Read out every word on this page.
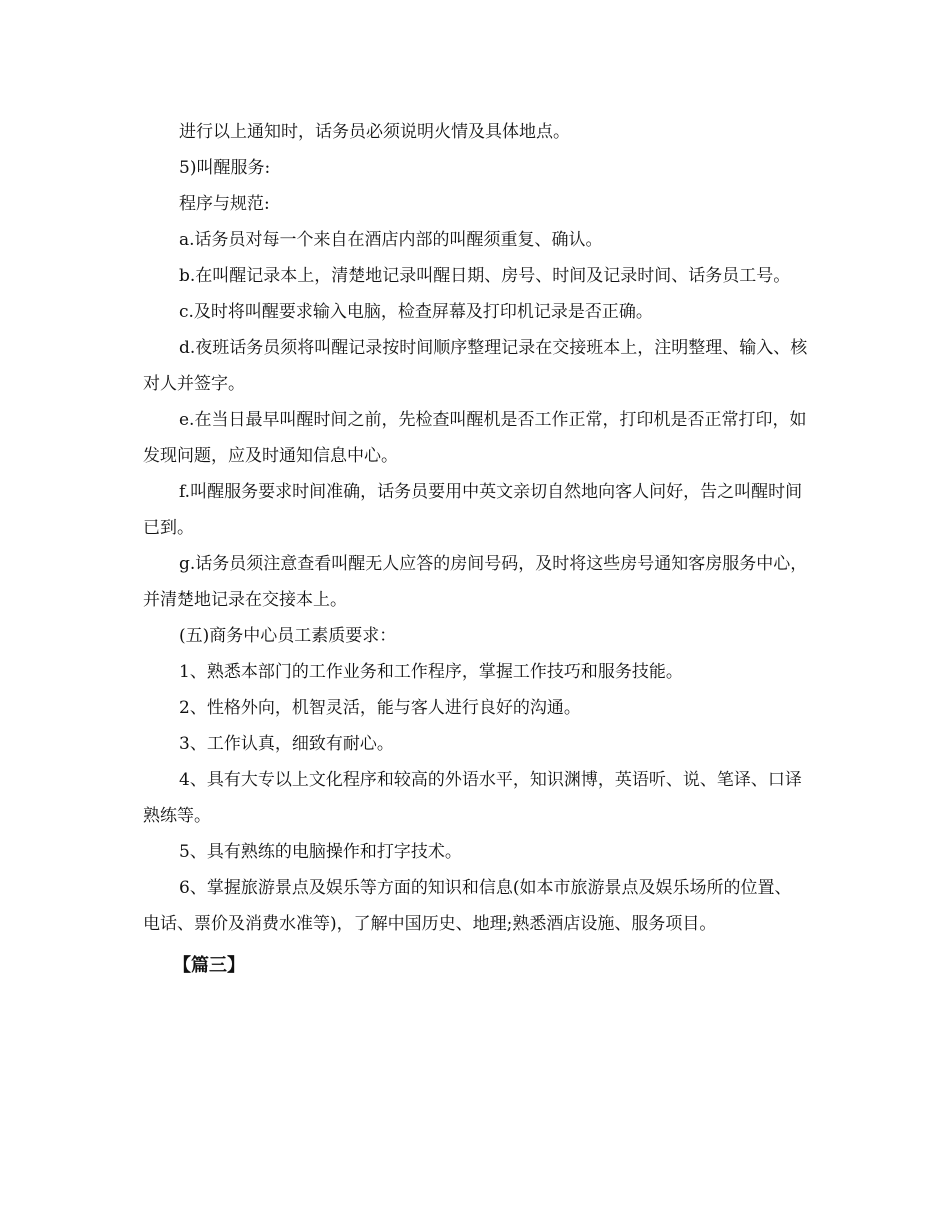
进行以上通知时，话务员必须说明火情及具体地点。

5)叫醒服务:

程序与规范:

a.话务员对每一个来自在酒店内部的叫醒须重复、确认。

b.在叫醒记录本上，清楚地记录叫醒日期、房号、时间及记录时间、话务员工号。

c.及时将叫醒要求输入电脑，检查屏幕及打印机记录是否正确。

d.夜班话务员须将叫醒记录按时间顺序整理记录在交接班本上，注明整理、输入、核对人并签字。

e.在当日最早叫醒时间之前，先检查叫醒机是否工作正常，打印机是否正常打印，如发现问题，应及时通知信息中心。

f.叫醒服务要求时间准确，话务员要用中英文亲切自然地向客人问好，告之叫醒时间已到。

g.话务员须注意查看叫醒无人应答的房间号码，及时将这些房号通知客房服务中心，并清楚地记录在交接本上。

(五)商务中心员工素质要求：

1、熟悉本部门的工作业务和工作程序，掌握工作技巧和服务技能。

2、性格外向，机智灵活，能与客人进行良好的沟通。

3、工作认真，细致有耐心。

4、具有大专以上文化程序和较高的外语水平，知识渊博，英语听、说、笔译、口译熟练等。

5、具有熟练的电脑操作和打字技术。

6、掌握旅游景点及娱乐等方面的知识和信息(如本市旅游景点及娱乐场所的位置、电话、票价及消费水准等)，了解中国历史、地理;熟悉酒店设施、服务项目。

【篇三】
